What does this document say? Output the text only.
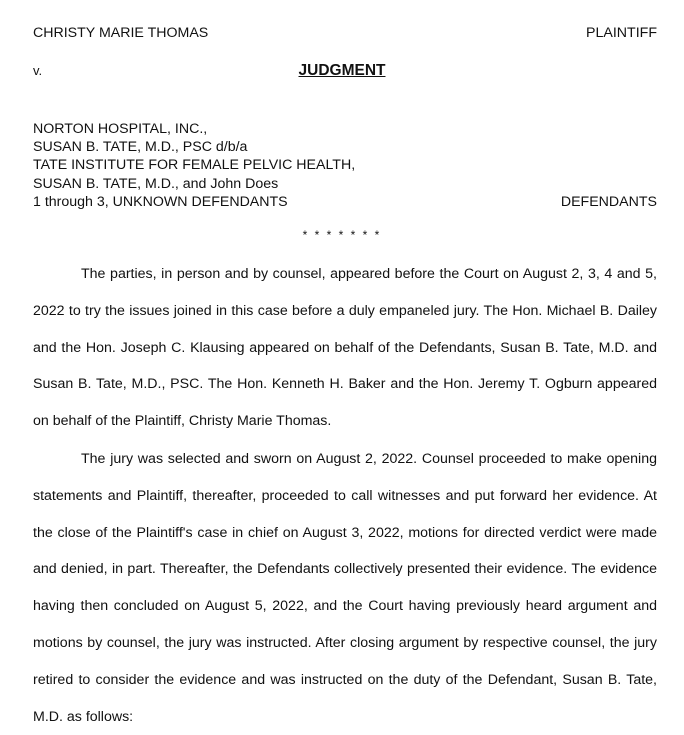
CHRISTY MARIE THOMAS	PLAINTIFF
v.	JUDGMENT
NORTON HOSPITAL, INC.,
SUSAN B. TATE, M.D., PSC d/b/a
TATE INSTITUTE FOR FEMALE PELVIC HEALTH,
SUSAN B. TATE, M.D., and John Does
1 through 3, UNKNOWN DEFENDANTS	DEFENDANTS
* * * * * * *
The parties, in person and by counsel, appeared before the Court on August 2, 3, 4 and 5, 2022 to try the issues joined in this case before a duly empaneled jury. The Hon. Michael B. Dailey and the Hon. Joseph C. Klausing appeared on behalf of the Defendants, Susan B. Tate, M.D. and Susan B. Tate, M.D., PSC. The Hon. Kenneth H. Baker and the Hon. Jeremy T. Ogburn appeared on behalf of the Plaintiff, Christy Marie Thomas.
The jury was selected and sworn on August 2, 2022. Counsel proceeded to make opening statements and Plaintiff, thereafter, proceeded to call witnesses and put forward her evidence. At the close of the Plaintiff's case in chief on August 3, 2022, motions for directed verdict were made and denied, in part. Thereafter, the Defendants collectively presented their evidence. The evidence having then concluded on August 5, 2022, and the Court having previously heard argument and motions by counsel, the jury was instructed. After closing argument by respective counsel, the jury retired to consider the evidence and was instructed on the duty of the Defendant, Susan B. Tate, M.D. as follows:
